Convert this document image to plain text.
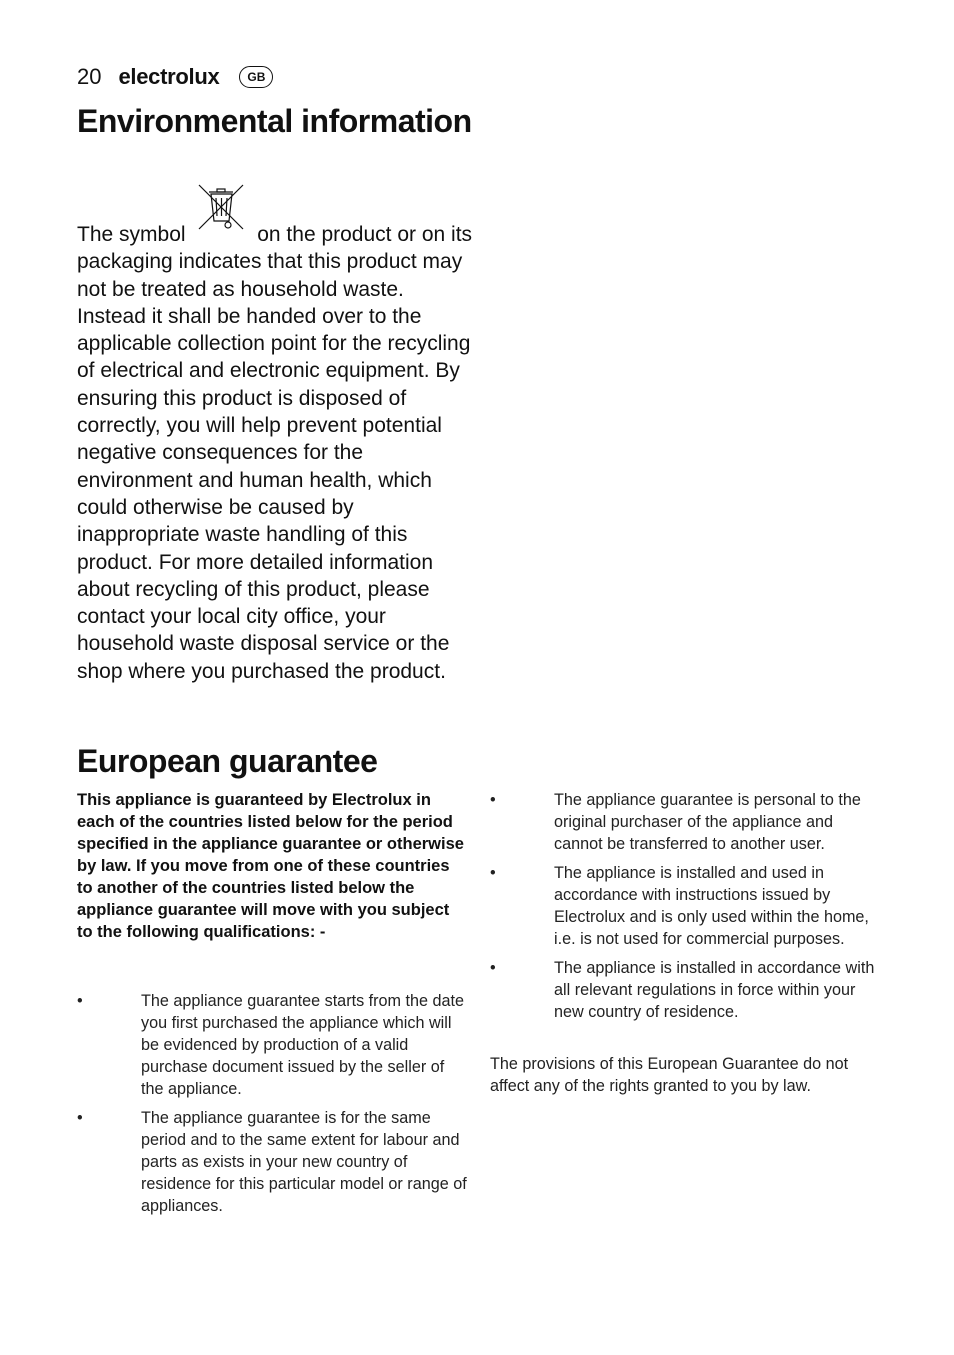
20 electrolux	GB
Environmental information
The symbol	on the product or on its packaging indicates that this product may not be treated as household waste. Instead it shall be handed over to the applicable collection point for the recycling of electrical and electronic equipment. By ensuring this product is disposed of correctly, you will help prevent potential negative consequences for the environment and human health, which could otherwise be caused by inappropriate waste handling of this product. For more detailed information about recycling of this product, please contact your local city office, your household waste disposal service or the shop where you purchased the product.
European guarantee

This appliance is guaranteed by Electrolux in each of the countries listed below for the period specified in the appliance guarantee or otherwise by law. If you move from one of these countries to another of the countries listed below the appliance guarantee will move with you subject to the following qualifications: -

•	The appliance guarantee starts from the date you first purchased the appliance which will be evidenced by production of a valid purchase document issued by the seller of the appliance.
•	The appliance guarantee is for the same period and to the same extent for labour and parts as exists in your new country of residence for this particular model or range of appliances.
•	The appliance guarantee is personal to the original purchaser of the appliance and cannot be transferred to another user.
•	The appliance is installed and used in accordance with instructions issued by Electrolux and is only used within the home, i.e. is not used for commercial purposes.
•	The appliance is installed in accordance with all relevant regulations in force within your new country of residence.

The provisions of this European Guarantee do not affect any of the rights granted to you by law.
